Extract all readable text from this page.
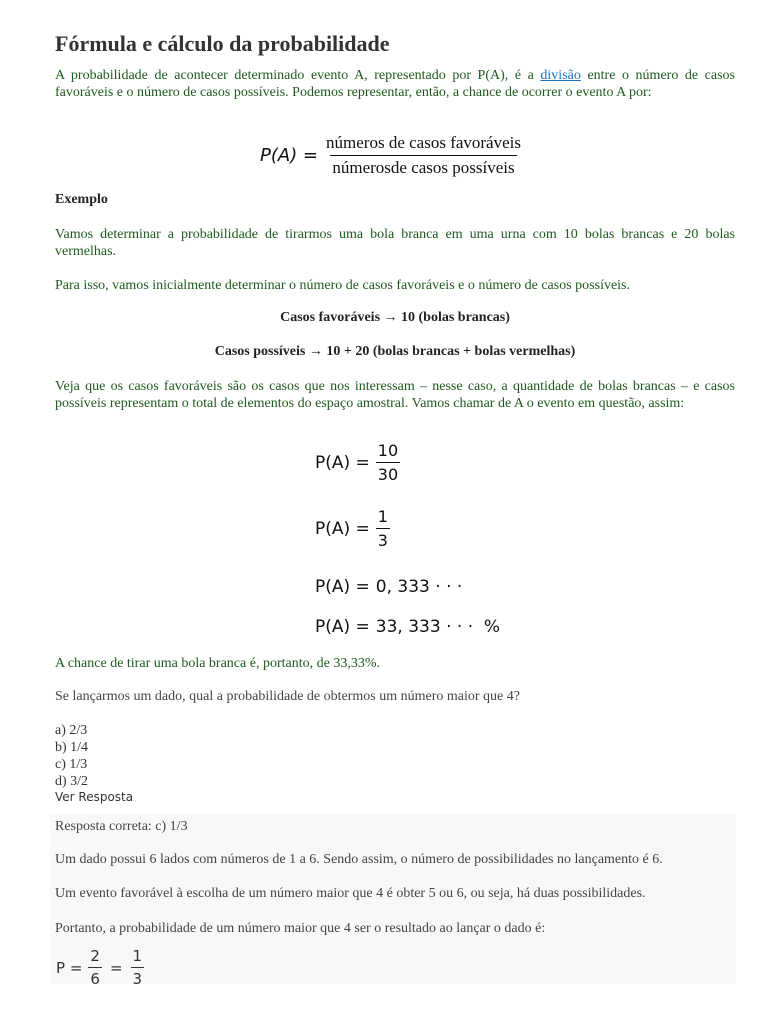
Fórmula e cálculo da probabilidade

A probabilidade de acontecer determinado evento A, representado por P(A), é a divisão entre o número de casos favoráveis e o número de casos possíveis. Podemos representar, então, a chance de ocorrer o evento A por:

$P(A) = \frac{\text{números de casos favoráveis}}{\text{númerosde casos possíveis}}$

Exemplo

Vamos determinar a probabilidade de tirarmos uma bola branca em uma urna com 10 bolas brancas e 20 bolas vermelhas.

Para isso, vamos inicialmente determinar o número de casos favoráveis e o número de casos possíveis.

Casos favoráveis → 10 (bolas brancas)

Casos possíveis → 10 + 20 (bolas brancas + bolas vermelhas)

Veja que os casos favoráveis são os casos que nos interessam – nesse caso, a quantidade de bolas brancas – e casos possíveis representam o total de elementos do espaço amostral. Vamos chamar de A o evento em questão, assim:

$P(A) = \frac{10}{30}$
$P(A) = \frac{1}{3}$
P(A) = 0, 333 · · ·
P(A) = 33, 333 · · ·  %

A chance de tirar uma bola branca é, portanto, de 33,33%.

Se lançarmos um dado, qual a probabilidade de obtermos um número maior que 4?

a) 2/3
b) 1/4
c) 1/3
d) 3/2
Ver Resposta

Resposta correta: c) 1/3

Um dado possui 6 lados com números de 1 a 6. Sendo assim, o número de possibilidades no lançamento é 6.

Um evento favorável à escolha de um número maior que 4 é obter 5 ou 6, ou seja, há duas possibilidades.

Portanto, a probabilidade de um número maior que 4 ser o resultado ao lançar o dado é:

$P = \frac{2}{6} = \frac{1}{3}$
